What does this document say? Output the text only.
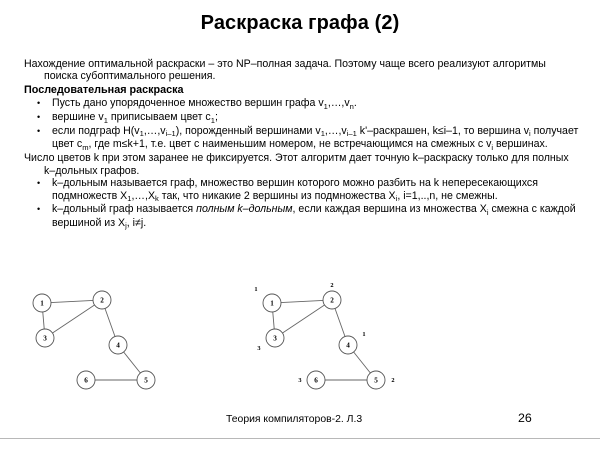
Раскраска графа (2)

Нахождение оптимальной раскраски – это NP–полная задача. Поэтому чаще всего реализуют алгоритмы поиска субоптимального решения.

Последовательная раскраска

• Пусть дано упорядоченное множество вершин графа $v_1,\dots,v_n$.
• вершине $v_1$ приписываем цвет $c_1$;
• если подграф $H(v_1,\dots,v_{i-1})$, порожденный вершинами $v_1,\dots,v_{i-1}$ k'–раскрашен, k≤i–1, то вершина $v_i$ получает цвет $c_m$, где m≤k+1, т.е. цвет с наименьшим номером, не встречающимся на смежных с $v_i$ вершинах.

Число цветов k при этом заранее не фиксируется. Этот алгоритм дает точную k–раскраску только для полных k–дольных графов.

• k–дольным называется граф, множество вершин которого можно разбить на k непересекающихся подмножеств $X_1,\dots,X_k$ так, что никакие 2 вершины из подмножества $X_i$, i=1,..,n, не смежны.
• k–дольный граф называется полным k–дольным, если каждая вершина из множества $X_i$ смежна с каждой вершиной из $X_j$, i≠j.
1	2
3
4
5
6
1
1
2
2
3
3	4
1
5 2
6
3
Теория компиляторов-2. Л.3	26
